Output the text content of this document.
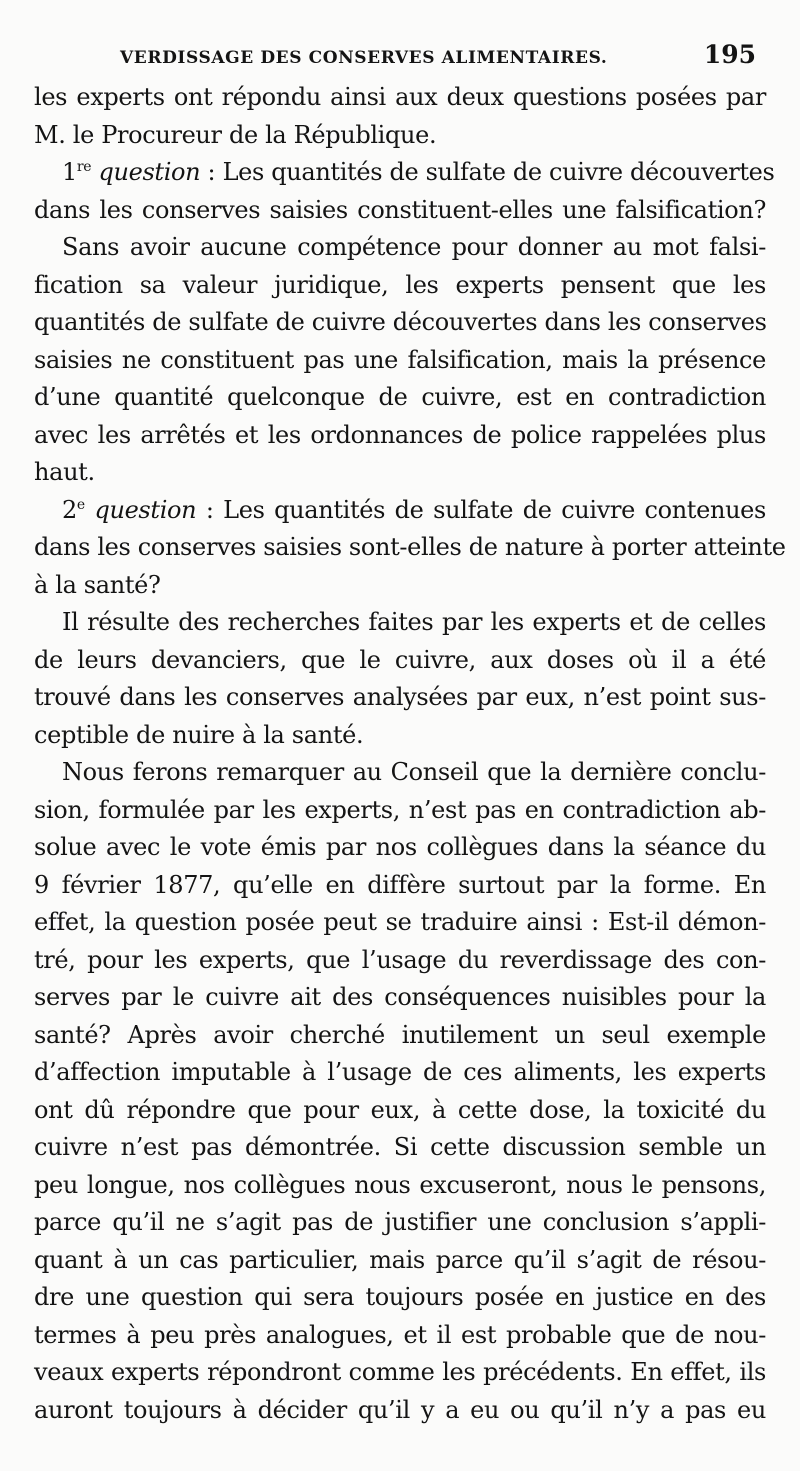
VERDISSAGE DES CONSERVES ALIMENTAIRES.	195
les experts ont répondu ainsi aux deux questions posées par
M. le Procureur de la République.
1re question : Les quantités de sulfate de cuivre découvertes
dans les conserves saisies constituent-elles une falsification?
Sans avoir aucune compétence pour donner au mot falsi-
fication sa valeur juridique, les experts pensent que les
quantités de sulfate de cuivre découvertes dans les conserves
saisies ne constituent pas une falsification, mais la présence
d’une quantité quelconque de cuivre, est en contradiction
avec les arrêtés et les ordonnances de police rappelées plus
haut.
2e question : Les quantités de sulfate de cuivre contenues
dans les conserves saisies sont-elles de nature à porter atteinte
à la santé?
Il résulte des recherches faites par les experts et de celles
de leurs devanciers, que le cuivre, aux doses où il a été
trouvé dans les conserves analysées par eux, n’est point sus-
ceptible de nuire à la santé.
Nous ferons remarquer au Conseil que la dernière conclu-
sion, formulée par les experts, n’est pas en contradiction ab-
solue avec le vote émis par nos collègues dans la séance du
9 février 1877, qu’elle en diffère surtout par la forme. En
effet, la question posée peut se traduire ainsi : Est-il démon-
tré, pour les experts, que l’usage du reverdissage des con-
serves par le cuivre ait des conséquences nuisibles pour la
santé? Après avoir cherché inutilement un seul exemple
d’affection imputable à l’usage de ces aliments, les experts
ont dû répondre que pour eux, à cette dose, la toxicité du
cuivre n’est pas démontrée. Si cette discussion semble un
peu longue, nos collègues nous excuseront, nous le pensons,
parce qu’il ne s’agit pas de justifier une conclusion s’appli-
quant à un cas particulier, mais parce qu’il s’agit de résou-
dre une question qui sera toujours posée en justice en des
termes à peu près analogues, et il est probable que de nou-
veaux experts répondront comme les précédents. En effet, ils
auront toujours à décider qu’il y a eu ou qu’il n’y a pas eu
